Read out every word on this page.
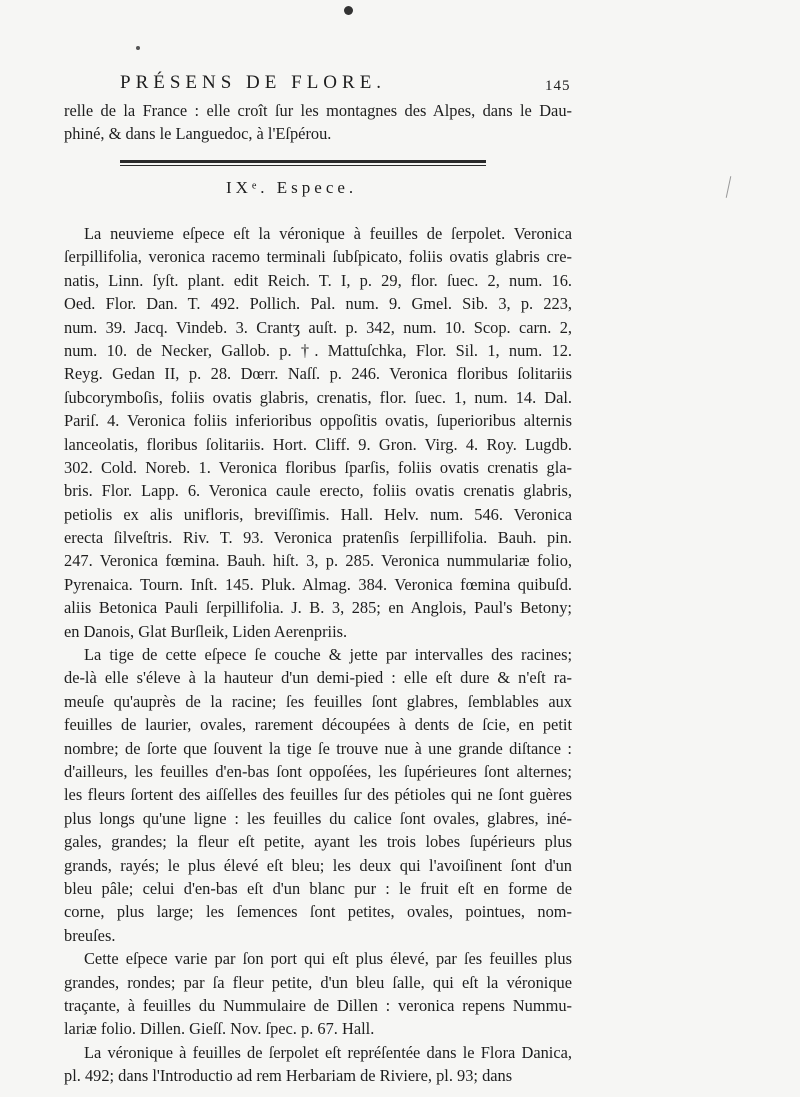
PRÉSENS DE FLORE.	145
relle de la France : elle croît ſur les montagnes des Alpes, dans le Dau-
phiné, & dans le Languedoc, à l'Eſpérou.
IXᵉ. Espece.
La neuvieme eſpece eſt la véronique à feuilles de ſerpolet. Veronica
ſerpillifolia, veronica racemo terminali ſubſpicato, foliis ovatis glabris cre-
natis, Linn. ſyſt. plant. edit Reich. T. I, p. 29, flor. ſuec. 2, num. 16.
Oed. Flor. Dan. T. 492. Pollich. Pal. num. 9. Gmel. Sib. 3, p. 223,
num. 39. Jacq. Vindeb. 3. Crantʒ auſt. p. 342, num. 10. Scop. carn. 2,
num. 10. de Necker, Gallob. p. †. Mattuſchka, Flor. Sil. 1, num. 12.
Reyg. Gedan II, p. 28. Dœrr. Naſſ. p. 246. Veronica floribus ſolitariis
ſubcorymboſis, foliis ovatis glabris, crenatis, flor. ſuec. 1, num. 14. Dal.
Pariſ. 4. Veronica foliis inferioribus oppoſitis ovatis, ſuperioribus alternis
lanceolatis, floribus ſolitariis. Hort. Cliff. 9. Gron. Virg. 4. Roy. Lugdb.
302. Cold. Noreb. 1. Veronica floribus ſparſis, foliis ovatis crenatis gla-
bris. Flor. Lapp. 6. Veronica caule erecto, foliis ovatis crenatis glabris,
petiolis ex alis unifloris, breviſſimis. Hall. Helv. num. 546. Veronica
erecta ſilveſtris. Riv. T. 93. Veronica pratenſis ſerpillifolia. Bauh. pin.
247. Veronica fœmina. Bauh. hiſt. 3, p. 285. Veronica nummulariæ folio,
Pyrenaica. Tourn. Inſt. 145. Pluk. Almag. 384. Veronica fœmina quibuſd.
aliis Betonica Pauli ſerpillifolia. J. B. 3, 285; en Anglois, Paul's Betony;
en Danois, Glat Burſleik, Liden Aerenpriis.
La tige de cette eſpece ſe couche & jette par intervalles des racines;
de-là elle s'éleve à la hauteur d'un demi-pied : elle eſt dure & n'eſt ra-
meuſe qu'auprès de la racine; ſes feuilles ſont glabres, ſemblables aux
feuilles de laurier, ovales, rarement découpées à dents de ſcie, en petit
nombre; de ſorte que ſouvent la tige ſe trouve nue à une grande diſtance :
d'ailleurs, les feuilles d'en-bas ſont oppoſées, les ſupérieures ſont alternes;
les fleurs ſortent des aiſſelles des feuilles ſur des pétioles qui ne ſont guères
plus longs qu'une ligne : les feuilles du calice ſont ovales, glabres, iné-
gales, grandes; la fleur eſt petite, ayant les trois lobes ſupérieurs plus
grands, rayés; le plus élevé eſt bleu; les deux qui l'avoiſinent ſont d'un
bleu pâle; celui d'en-bas eſt d'un blanc pur : le fruit eſt en forme de
corne, plus large; les ſemences ſont petites, ovales, pointues, nom-
breuſes.
Cette eſpece varie par ſon port qui eſt plus élevé, par ſes feuilles plus
grandes, rondes; par ſa fleur petite, d'un bleu ſalle, qui eſt la véronique
traçante, à feuilles du Nummulaire de Dillen : veronica repens Nummu-
lariæ folio. Dillen. Gieſſ. Nov. ſpec. p. 67. Hall.
La véronique à feuilles de ſerpolet eſt repréſentée dans le Flora Danica,
pl. 492; dans l'Introductio ad rem Herbariam de Riviere, pl. 93; dans
